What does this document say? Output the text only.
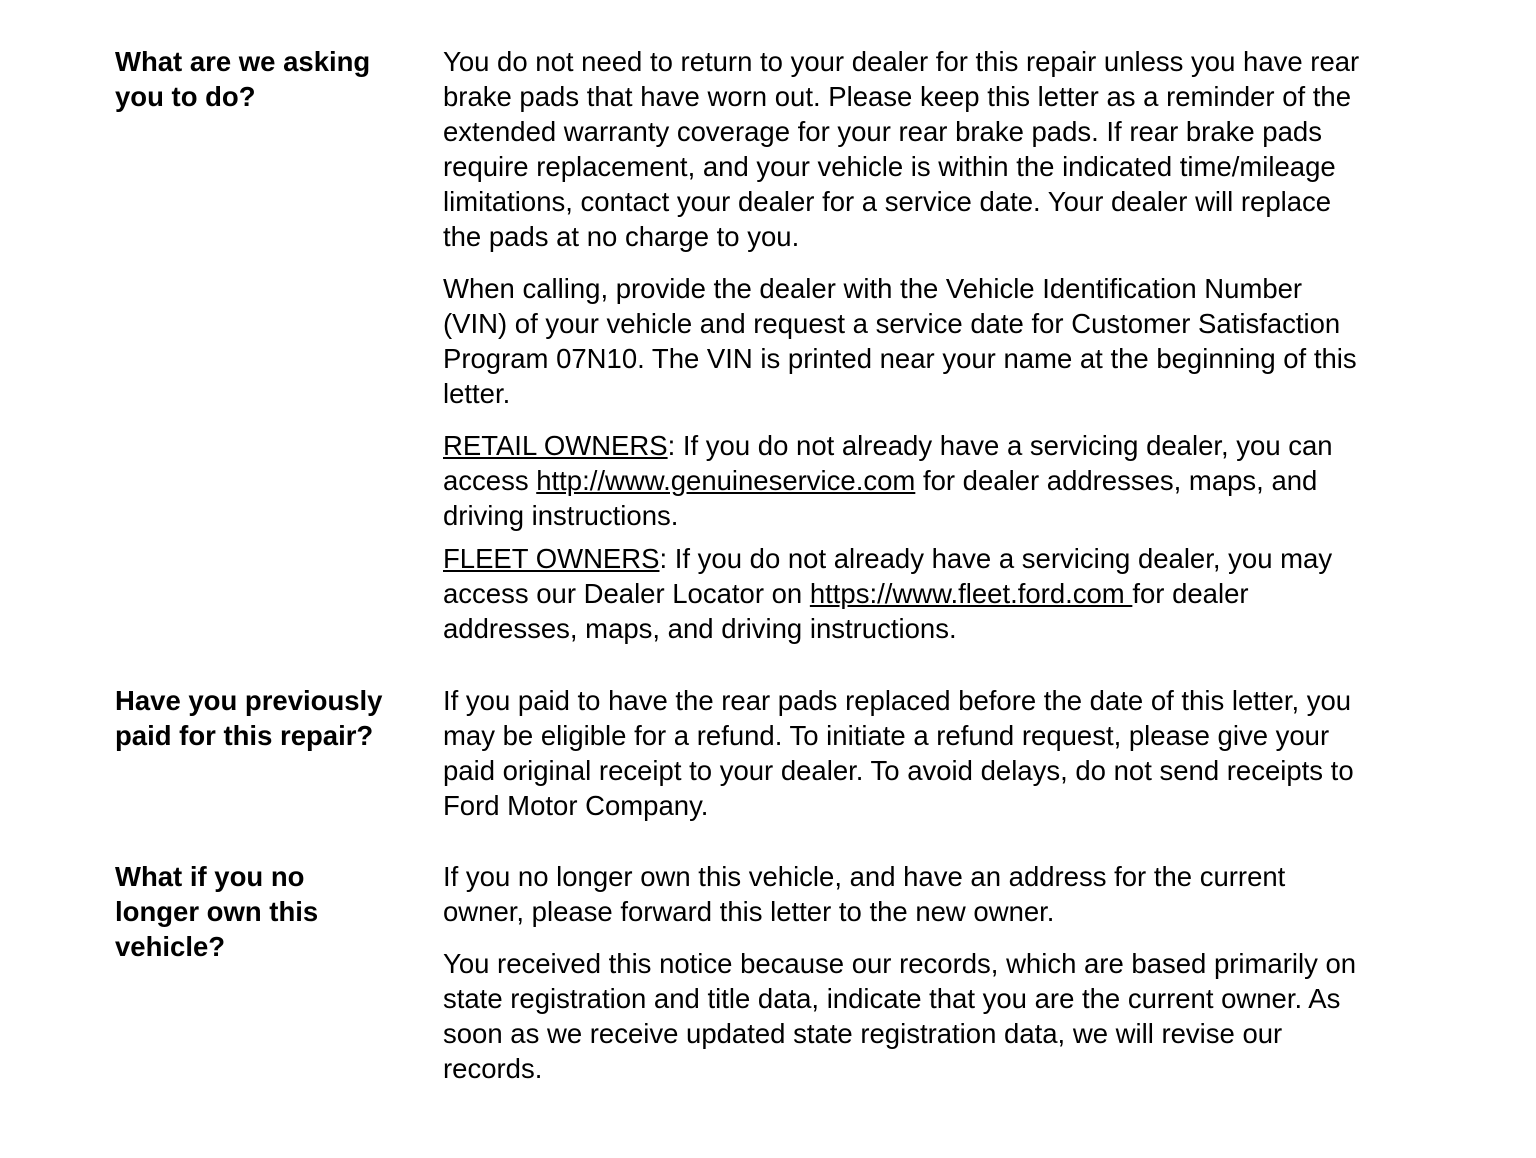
What are we asking
you to do?

You do not need to return to your dealer for this repair unless you have rear
brake pads that have worn out. Please keep this letter as a reminder of the
extended warranty coverage for your rear brake pads. If rear brake pads
require replacement, and your vehicle is within the indicated time/mileage
limitations, contact your dealer for a service date. Your dealer will replace
the pads at no charge to you.

When calling, provide the dealer with the Vehicle Identification Number
(VIN) of your vehicle and request a service date for Customer Satisfaction
Program 07N10. The VIN is printed near your name at the beginning of this
letter.

RETAIL OWNERS: If you do not already have a servicing dealer, you can
access http://www.genuineservice.com for dealer addresses, maps, and
driving instructions.

FLEET OWNERS: If you do not already have a servicing dealer, you may
access our Dealer Locator on https://www.fleet.ford.com for dealer
addresses, maps, and driving instructions.

Have you previously
paid for this repair?

If you paid to have the rear pads replaced before the date of this letter, you
may be eligible for a refund. To initiate a refund request, please give your
paid original receipt to your dealer. To avoid delays, do not send receipts to
Ford Motor Company.

What if you no
longer own this
vehicle?

If you no longer own this vehicle, and have an address for the current
owner, please forward this letter to the new owner.

You received this notice because our records, which are based primarily on
state registration and title data, indicate that you are the current owner. As
soon as we receive updated state registration data, we will revise our
records.
